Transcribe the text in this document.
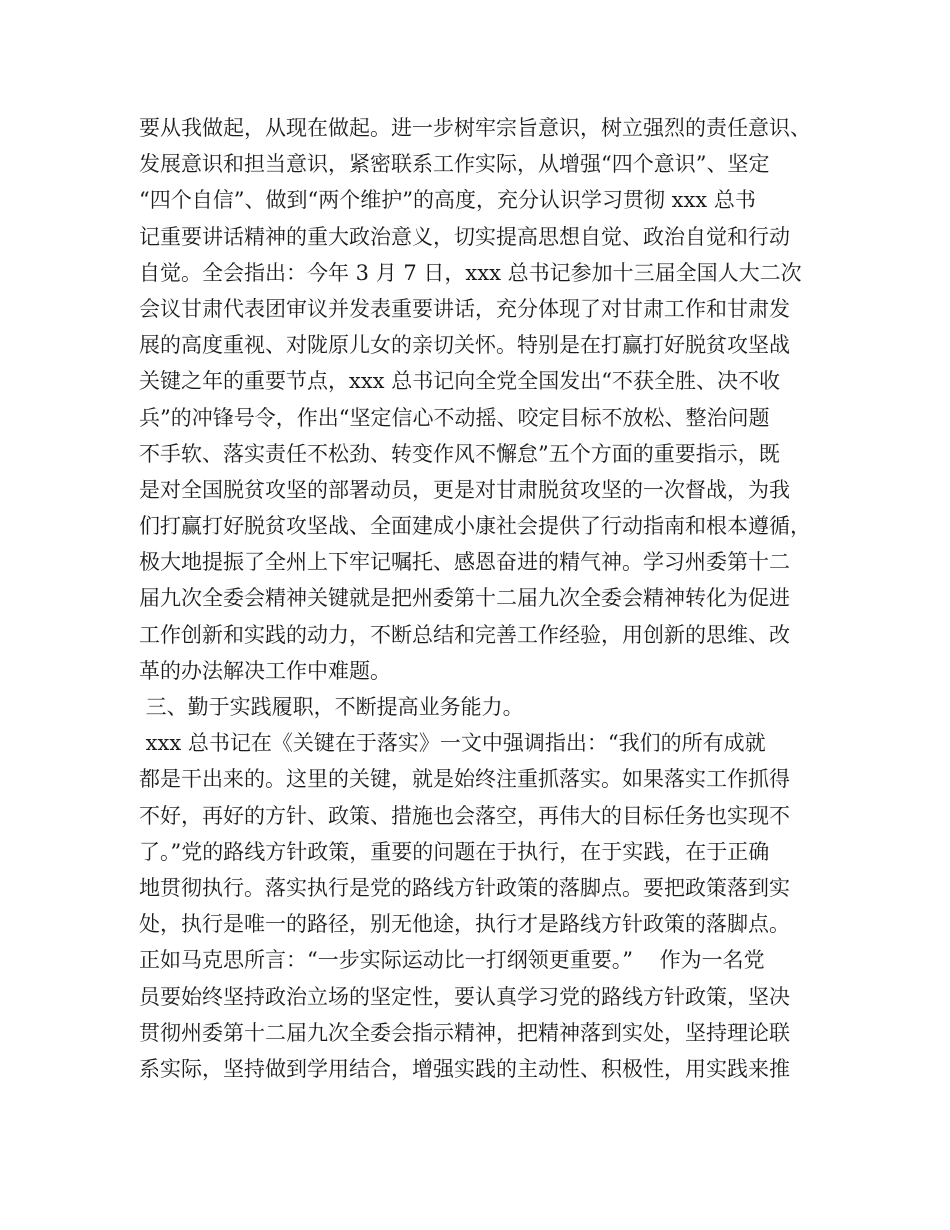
要从我做起，从现在做起。进一步树牢宗旨意识，树立强烈的责任意识、
发展意识和担当意识，紧密联系工作实际，从增强“四个意识”、坚定
“四个自信”、做到“两个维护”的高度，充分认识学习贯彻 xxx 总书
记重要讲话精神的重大政治意义，切实提高思想自觉、政治自觉和行动
自觉。全会指出：今年 3 月 7 日，xxx 总书记参加十三届全国人大二次
会议甘肃代表团审议并发表重要讲话，充分体现了对甘肃工作和甘肃发
展的高度重视、对陇原儿女的亲切关怀。特别是在打赢打好脱贫攻坚战
关键之年的重要节点，xxx 总书记向全党全国发出“不获全胜、决不收
兵”的冲锋号令，作出“坚定信心不动摇、咬定目标不放松、整治问题
不手软、落实责任不松劲、转变作风不懈怠”五个方面的重要指示，既
是对全国脱贫攻坚的部署动员，更是对甘肃脱贫攻坚的一次督战，为我
们打赢打好脱贫攻坚战、全面建成小康社会提供了行动指南和根本遵循，
极大地提振了全州上下牢记嘱托、感恩奋进的精气神。学习州委第十二
届九次全委会精神关键就是把州委第十二届九次全委会精神转化为促进
工作创新和实践的动力，不断总结和完善工作经验，用创新的思维、改
革的办法解决工作中难题。
三、勤于实践履职，不断提高业务能力。
xxx 总书记在《关键在于落实》一文中强调指出：“我们的所有成就
都是干出来的。这里的关键，就是始终注重抓落实。如果落实工作抓得
不好，再好的方针、政策、措施也会落空，再伟大的目标任务也实现不
了。”党的路线方针政策，重要的问题在于执行，在于实践，在于正确
地贯彻执行。落实执行是党的路线方针政策的落脚点。要把政策落到实
处，执行是唯一的路径，别无他途，执行才是路线方针政策的落脚点。
正如马克思所言：“一步实际运动比一打纲领更重要。”    作为一名党
员要始终坚持政治立场的坚定性，要认真学习党的路线方针政策，坚决
贯彻州委第十二届九次全委会指示精神，把精神落到实处，坚持理论联
系实际，坚持做到学用结合，增强实践的主动性、积极性，用实践来推
